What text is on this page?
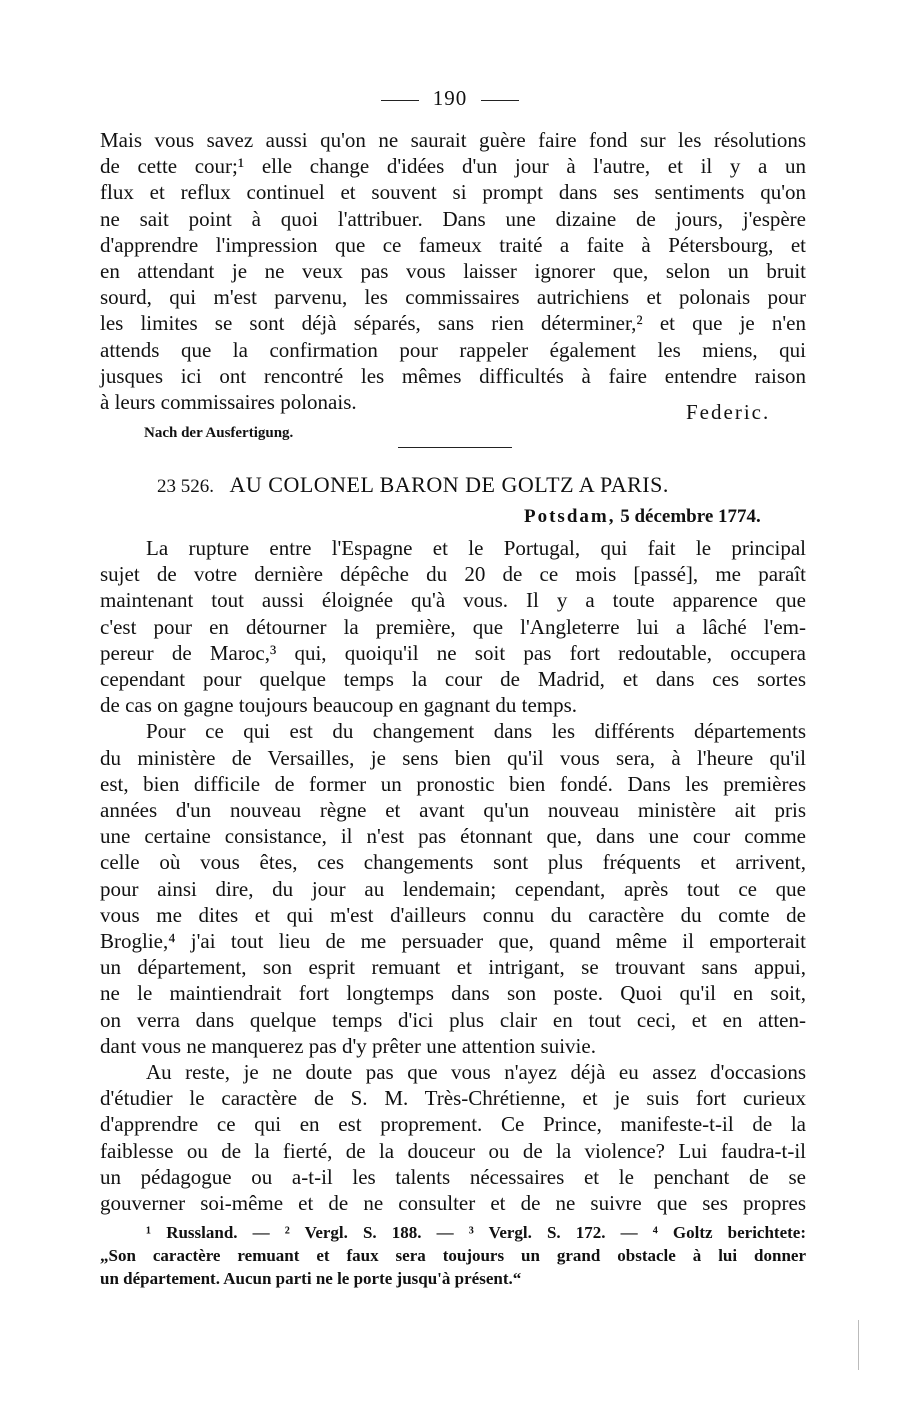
190
Mais vous savez aussi qu'on ne saurait guère faire fond sur les résolutions
de cette cour;¹ elle change d'idées d'un jour à l'autre, et il y a un
flux et reflux continuel et souvent si prompt dans ses sentiments qu'on
ne sait point à quoi l'attribuer. Dans une dizaine de jours, j'espère
d'apprendre l'impression que ce fameux traité a faite à Pétersbourg, et
en attendant je ne veux pas vous laisser ignorer que, selon un bruit
sourd, qui m'est parvenu, les commissaires autrichiens et polonais pour
les limites se sont déjà séparés, sans rien déterminer,² et que je n'en
attends que la confirmation pour rappeler également les miens, qui
jusques ici ont rencontré les mêmes difficultés à faire entendre raison
à leurs commissaires polonais.	Federic.
Nach der Ausfertigung.
23 526. AU COLONEL BARON DE GOLTZ A PARIS.
Potsdam, 5 décembre 1774.
La rupture entre l'Espagne et le Portugal, qui fait le principal
sujet de votre dernière dépêche du 20 de ce mois [passé], me paraît
maintenant tout aussi éloignée qu'à vous. Il y a toute apparence que
c'est pour en détourner la première, que l'Angleterre lui a lâché l'em-
pereur de Maroc,³ qui, quoiqu'il ne soit pas fort redoutable, occupera
cependant pour quelque temps la cour de Madrid, et dans ces sortes
de cas on gagne toujours beaucoup en gagnant du temps.
Pour ce qui est du changement dans les différents départements
du ministère de Versailles, je sens bien qu'il vous sera, à l'heure qu'il
est, bien difficile de former un pronostic bien fondé. Dans les premières
années d'un nouveau règne et avant qu'un nouveau ministère ait pris
une certaine consistance, il n'est pas étonnant que, dans une cour comme
celle où vous êtes, ces changements sont plus fréquents et arrivent,
pour ainsi dire, du jour au lendemain; cependant, après tout ce que
vous me dites et qui m'est d'ailleurs connu du caractère du comte de
Broglie,⁴ j'ai tout lieu de me persuader que, quand même il emporterait
un département, son esprit remuant et intrigant, se trouvant sans appui,
ne le maintiendrait fort longtemps dans son poste. Quoi qu'il en soit,
on verra dans quelque temps d'ici plus clair en tout ceci, et en atten-
dant vous ne manquerez pas d'y prêter une attention suivie.
Au reste, je ne doute pas que vous n'ayez déjà eu assez d'occasions
d'étudier le caractère de S. M. Très-Chrétienne, et je suis fort curieux
d'apprendre ce qui en est proprement. Ce Prince, manifeste-t-il de la
faiblesse ou de la fierté, de la douceur ou de la violence? Lui faudra-t-il
un pédagogue ou a-t-il les talents nécessaires et le penchant de se
gouverner soi-même et de ne consulter et de ne suivre que ses propres
¹ Russland. — ² Vergl. S. 188. — ³ Vergl. S. 172. — ⁴ Goltz berichtete:
„Son caractère remuant et faux sera toujours un grand obstacle à lui donner
un département. Aucun parti ne le porte jusqu'à présent.“
